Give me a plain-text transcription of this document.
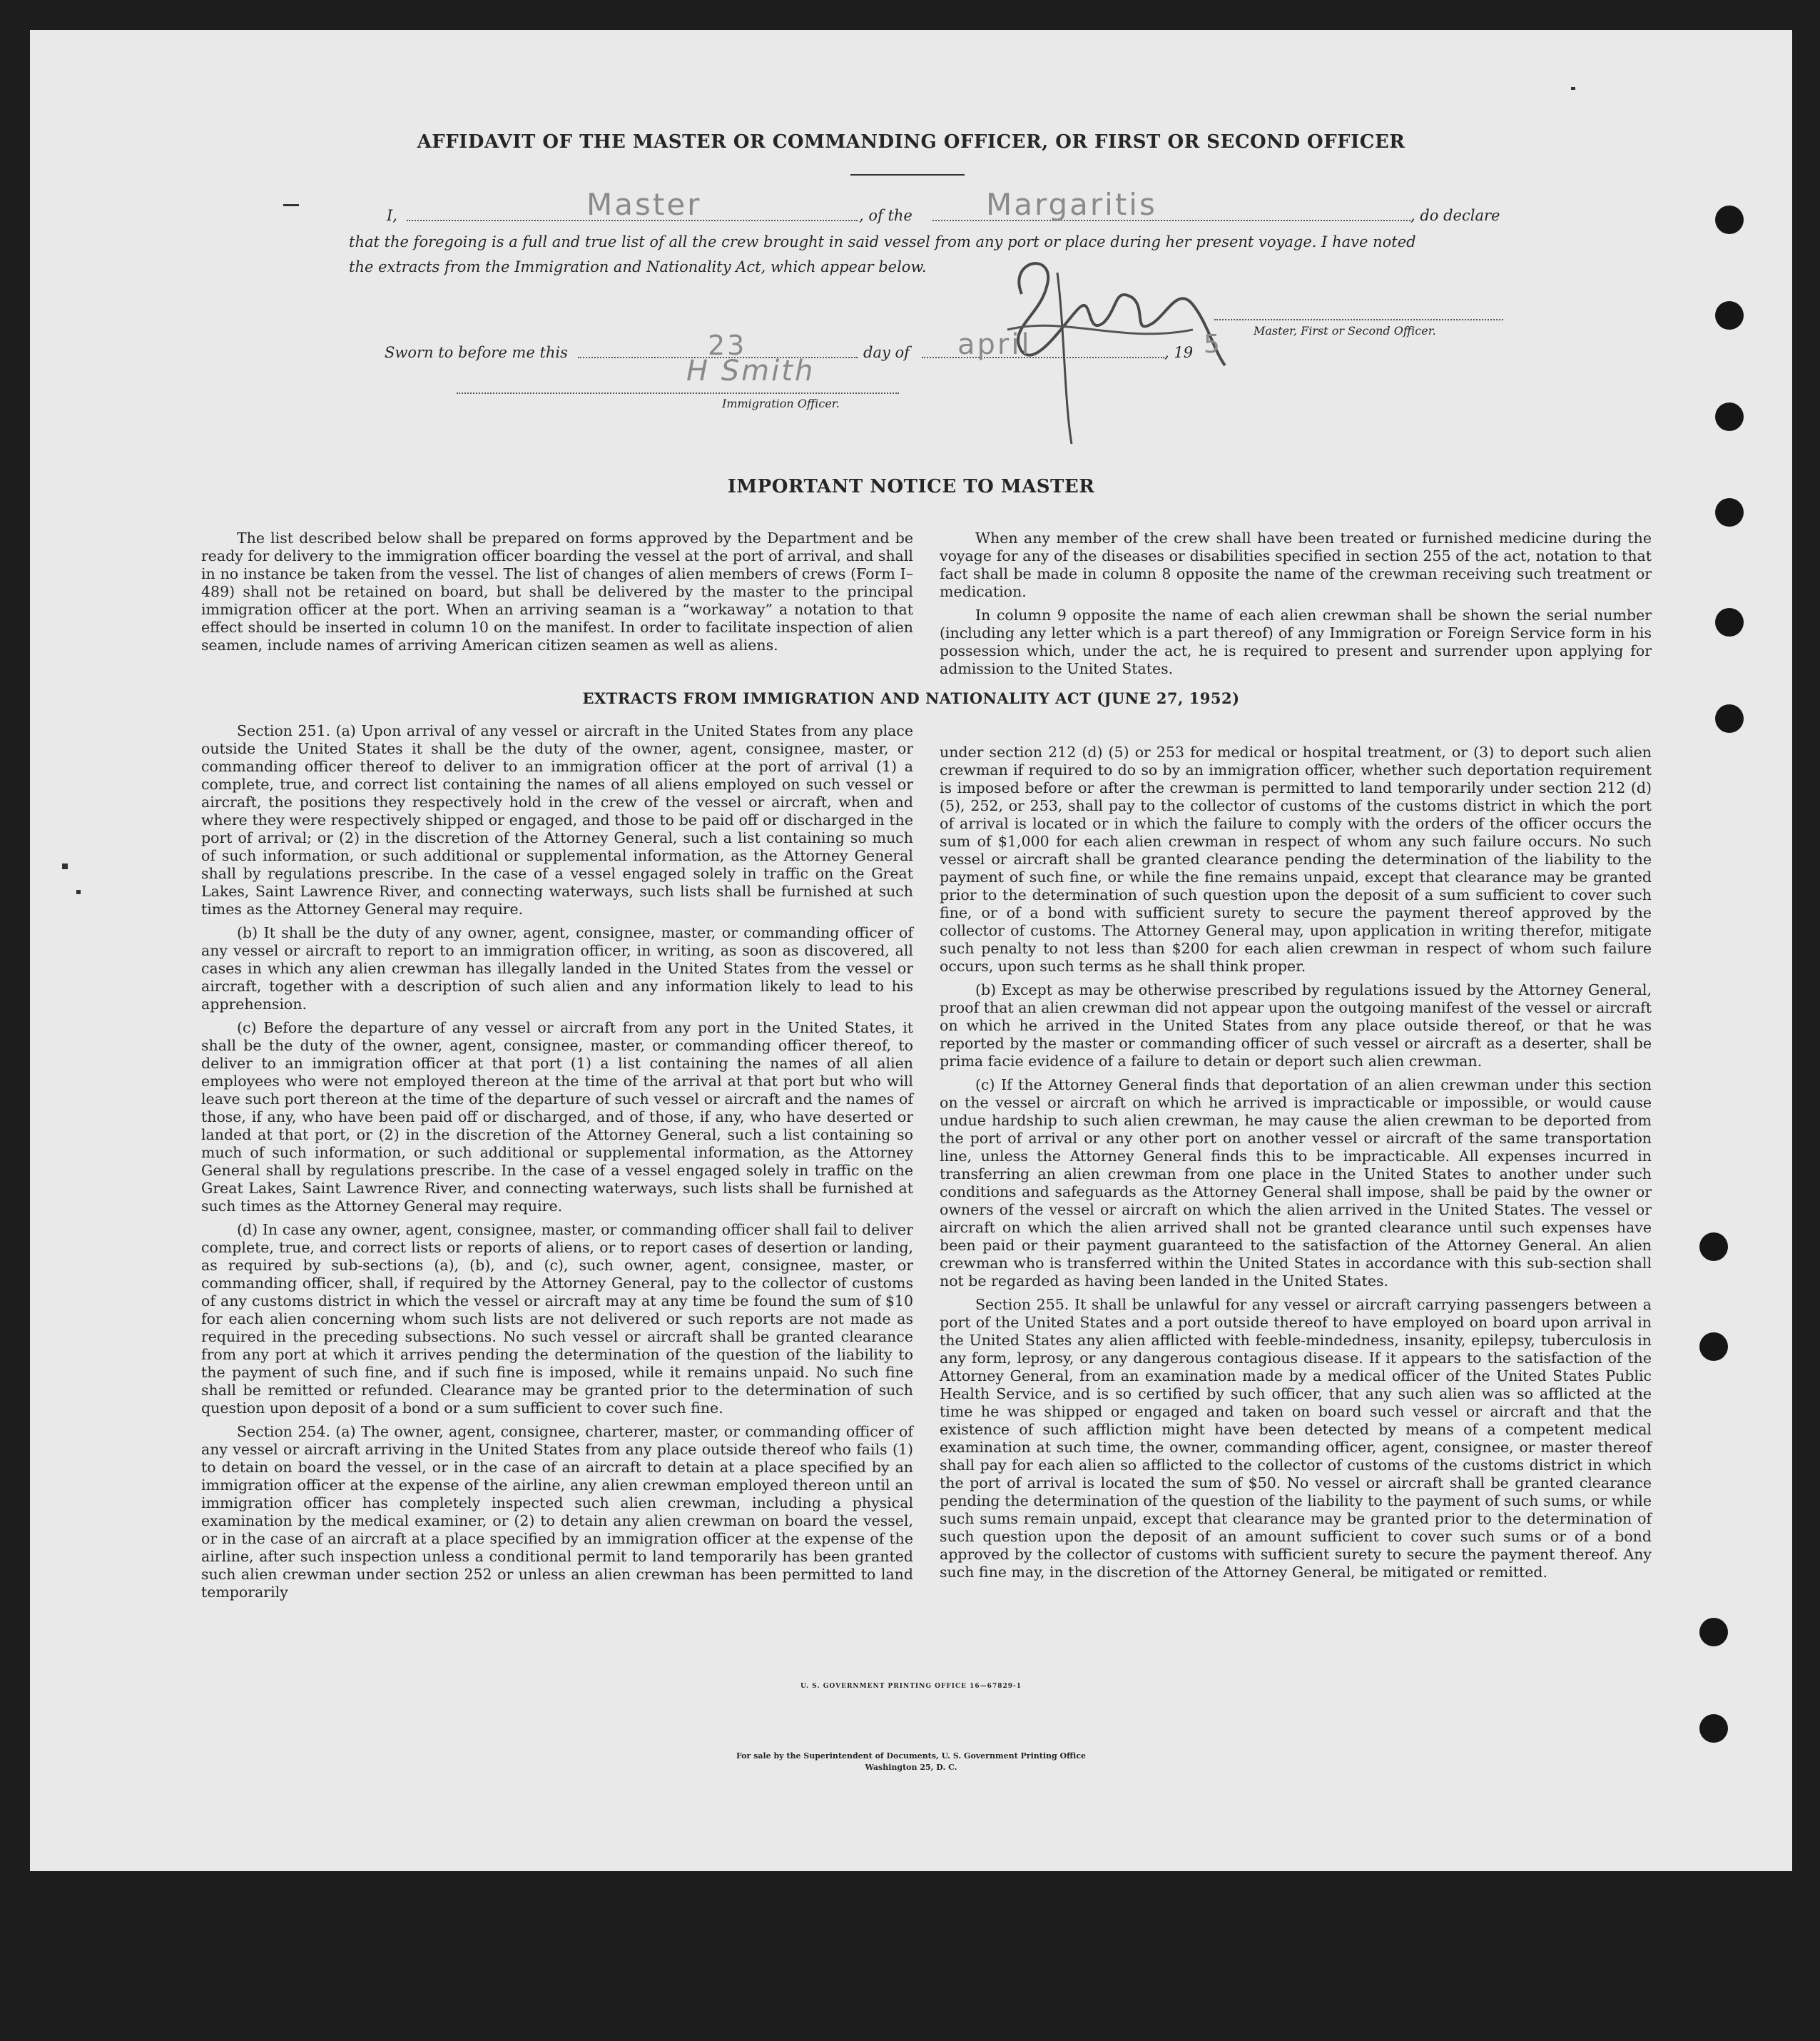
AFFIDAVIT OF THE MASTER OR COMMANDING OFFICER, OR FIRST OR SECOND OFFICER
I,	Master	, of the Margaritis	, do declare
that the foregoing is a full and true list of all the crew brought in said vessel from any port or place during her present voyage. I have noted
the extracts from the Immigration and Nationality Act, which appear below.
Master, First or Second Officer.
Sworn to before me this	23	day of april	, 19 5
H Smith
Immigration Officer.
IMPORTANT NOTICE TO MASTER

The list described below shall be prepared on forms approved by the Department and be ready for delivery to the immigration officer boarding the vessel at the port of arrival, and shall in no instance be taken from the vessel. The list of changes of alien members of crews (Form I–489) shall not be retained on board, but shall be delivered by the master to the principal immigration officer at the port. When an arriving seaman is a “workaway” a notation to that effect should be inserted in column 10 on the manifest. In order to facilitate inspection of alien seamen, include names of arriving American citizen seamen as well as aliens.

When any member of the crew shall have been treated or furnished medicine during the voyage for any of the diseases or disabilities specified in section 255 of the act, notation to that fact shall be made in column 8 opposite the name of the crewman receiving such treatment or medication.

In column 9 opposite the name of each alien crewman shall be shown the serial number (including any letter which is a part thereof) of any Immigration or Foreign Service form in his possession which, under the act, he is required to present and surrender upon applying for admission to the United States.

EXTRACTS FROM IMMIGRATION AND NATIONALITY ACT (JUNE 27, 1952)

Section 251. (a) Upon arrival of any vessel or aircraft in the United States from any place outside the United States it shall be the duty of the owner, agent, consignee, master, or commanding officer thereof to deliver to an immigration officer at the port of arrival (1) a complete, true, and correct list containing the names of all aliens employed on such vessel or aircraft, the positions they respectively hold in the crew of the vessel or aircraft, when and where they were respectively shipped or engaged, and those to be paid off or discharged in the port of arrival; or (2) in the discretion of the Attorney General, such a list containing so much of such information, or such additional or supplemental information, as the Attorney General shall by regulations prescribe. In the case of a vessel engaged solely in traffic on the Great Lakes, Saint Lawrence River, and connecting waterways, such lists shall be furnished at such times as the Attorney General may require.

(b) It shall be the duty of any owner, agent, consignee, master, or commanding officer of any vessel or aircraft to report to an immigration officer, in writing, as soon as discovered, all cases in which any alien crewman has illegally landed in the United States from the vessel or aircraft, together with a description of such alien and any information likely to lead to his apprehension.

(c) Before the departure of any vessel or aircraft from any port in the United States, it shall be the duty of the owner, agent, consignee, master, or commanding officer thereof, to deliver to an immigration officer at that port (1) a list containing the names of all alien employees who were not employed thereon at the time of the arrival at that port but who will leave such port thereon at the time of the departure of such vessel or aircraft and the names of those, if any, who have been paid off or discharged, and of those, if any, who have deserted or landed at that port, or (2) in the discretion of the Attorney General, such a list containing so much of such information, or such additional or supplemental information, as the Attorney General shall by regulations prescribe. In the case of a vessel engaged solely in traffic on the Great Lakes, Saint Lawrence River, and connecting waterways, such lists shall be furnished at such times as the Attorney General may require.

(d) In case any owner, agent, consignee, master, or commanding officer shall fail to deliver complete, true, and correct lists or reports of aliens, or to report cases of desertion or landing, as required by sub-sections (a), (b), and (c), such owner, agent, consignee, master, or commanding officer, shall, if required by the Attorney General, pay to the collector of customs of any customs district in which the vessel or aircraft may at any time be found the sum of $10 for each alien concerning whom such lists are not delivered or such reports are not made as required in the preceding subsections. No such vessel or aircraft shall be granted clearance from any port at which it arrives pending the determination of the question of the liability to the payment of such fine, and if such fine is imposed, while it remains unpaid. No such fine shall be remitted or refunded. Clearance may be granted prior to the determination of such question upon deposit of a bond or a sum sufficient to cover such fine.

Section 254. (a) The owner, agent, consignee, charterer, master, or commanding officer of any vessel or aircraft arriving in the United States from any place outside thereof who fails (1) to detain on board the vessel, or in the case of an aircraft to detain at a place specified by an immigration officer at the expense of the airline, any alien crewman employed thereon until an immigration officer has completely inspected such alien crewman, including a physical examination by the medical examiner, or (2) to detain any alien crewman on board the vessel, or in the case of an aircraft at a place specified by an immigration officer at the expense of the airline, after such inspection unless a conditional permit to land temporarily has been granted such alien crewman under section 252 or unless an alien crewman has been permitted to land temporarily

under section 212 (d) (5) or 253 for medical or hospital treatment, or (3) to deport such alien crewman if required to do so by an immigration officer, whether such deportation requirement is imposed before or after the crewman is permitted to land temporarily under section 212 (d) (5), 252, or 253, shall pay to the collector of customs of the customs district in which the port of arrival is located or in which the failure to comply with the orders of the officer occurs the sum of $1,000 for each alien crewman in respect of whom any such failure occurs. No such vessel or aircraft shall be granted clearance pending the determination of the liability to the payment of such fine, or while the fine remains unpaid, except that clearance may be granted prior to the determination of such question upon the deposit of a sum sufficient to cover such fine, or of a bond with sufficient surety to secure the payment thereof approved by the collector of customs. The Attorney General may, upon application in writing therefor, mitigate such penalty to not less than $200 for each alien crewman in respect of whom such failure occurs, upon such terms as he shall think proper.

(b) Except as may be otherwise prescribed by regulations issued by the Attorney General, proof that an alien crewman did not appear upon the outgoing manifest of the vessel or aircraft on which he arrived in the United States from any place outside thereof, or that he was reported by the master or commanding officer of such vessel or aircraft as a deserter, shall be prima facie evidence of a failure to detain or deport such alien crewman.

(c) If the Attorney General finds that deportation of an alien crewman under this section on the vessel or aircraft on which he arrived is impracticable or impossible, or would cause undue hardship to such alien crewman, he may cause the alien crewman to be deported from the port of arrival or any other port on another vessel or aircraft of the same transportation line, unless the Attorney General finds this to be impracticable. All expenses incurred in transferring an alien crewman from one place in the United States to another under such conditions and safeguards as the Attorney General shall impose, shall be paid by the owner or owners of the vessel or aircraft on which the alien arrived in the United States. The vessel or aircraft on which the alien arrived shall not be granted clearance until such expenses have been paid or their payment guaranteed to the satisfaction of the Attorney General. An alien crewman who is transferred within the United States in accordance with this sub-section shall not be regarded as having been landed in the United States.

Section 255. It shall be unlawful for any vessel or aircraft carrying passengers between a port of the United States and a port outside thereof to have employed on board upon arrival in the United States any alien afflicted with feeble-mindedness, insanity, epilepsy, tuberculosis in any form, leprosy, or any dangerous contagious disease. If it appears to the satisfaction of the Attorney General, from an examination made by a medical officer of the United States Public Health Service, and is so certified by such officer, that any such alien was so afflicted at the time he was shipped or engaged and taken on board such vessel or aircraft and that the existence of such affliction might have been detected by means of a competent medical examination at such time, the owner, commanding officer, agent, consignee, or master thereof shall pay for each alien so afflicted to the collector of customs of the customs district in which the port of arrival is located the sum of $50. No vessel or aircraft shall be granted clearance pending the determination of the question of the liability to the payment of such sums, or while such sums remain unpaid, except that clearance may be granted prior to the determination of such question upon the deposit of an amount sufficient to cover such sums or of a bond approved by the collector of customs with sufficient surety to secure the payment thereof. Any such fine may, in the discretion of the Attorney General, be mitigated or remitted.

U. S. GOVERNMENT PRINTING OFFICE 16—67829-1
For sale by the Superintendent of Documents, U. S. Government Printing Office
Washington 25, D. C.
